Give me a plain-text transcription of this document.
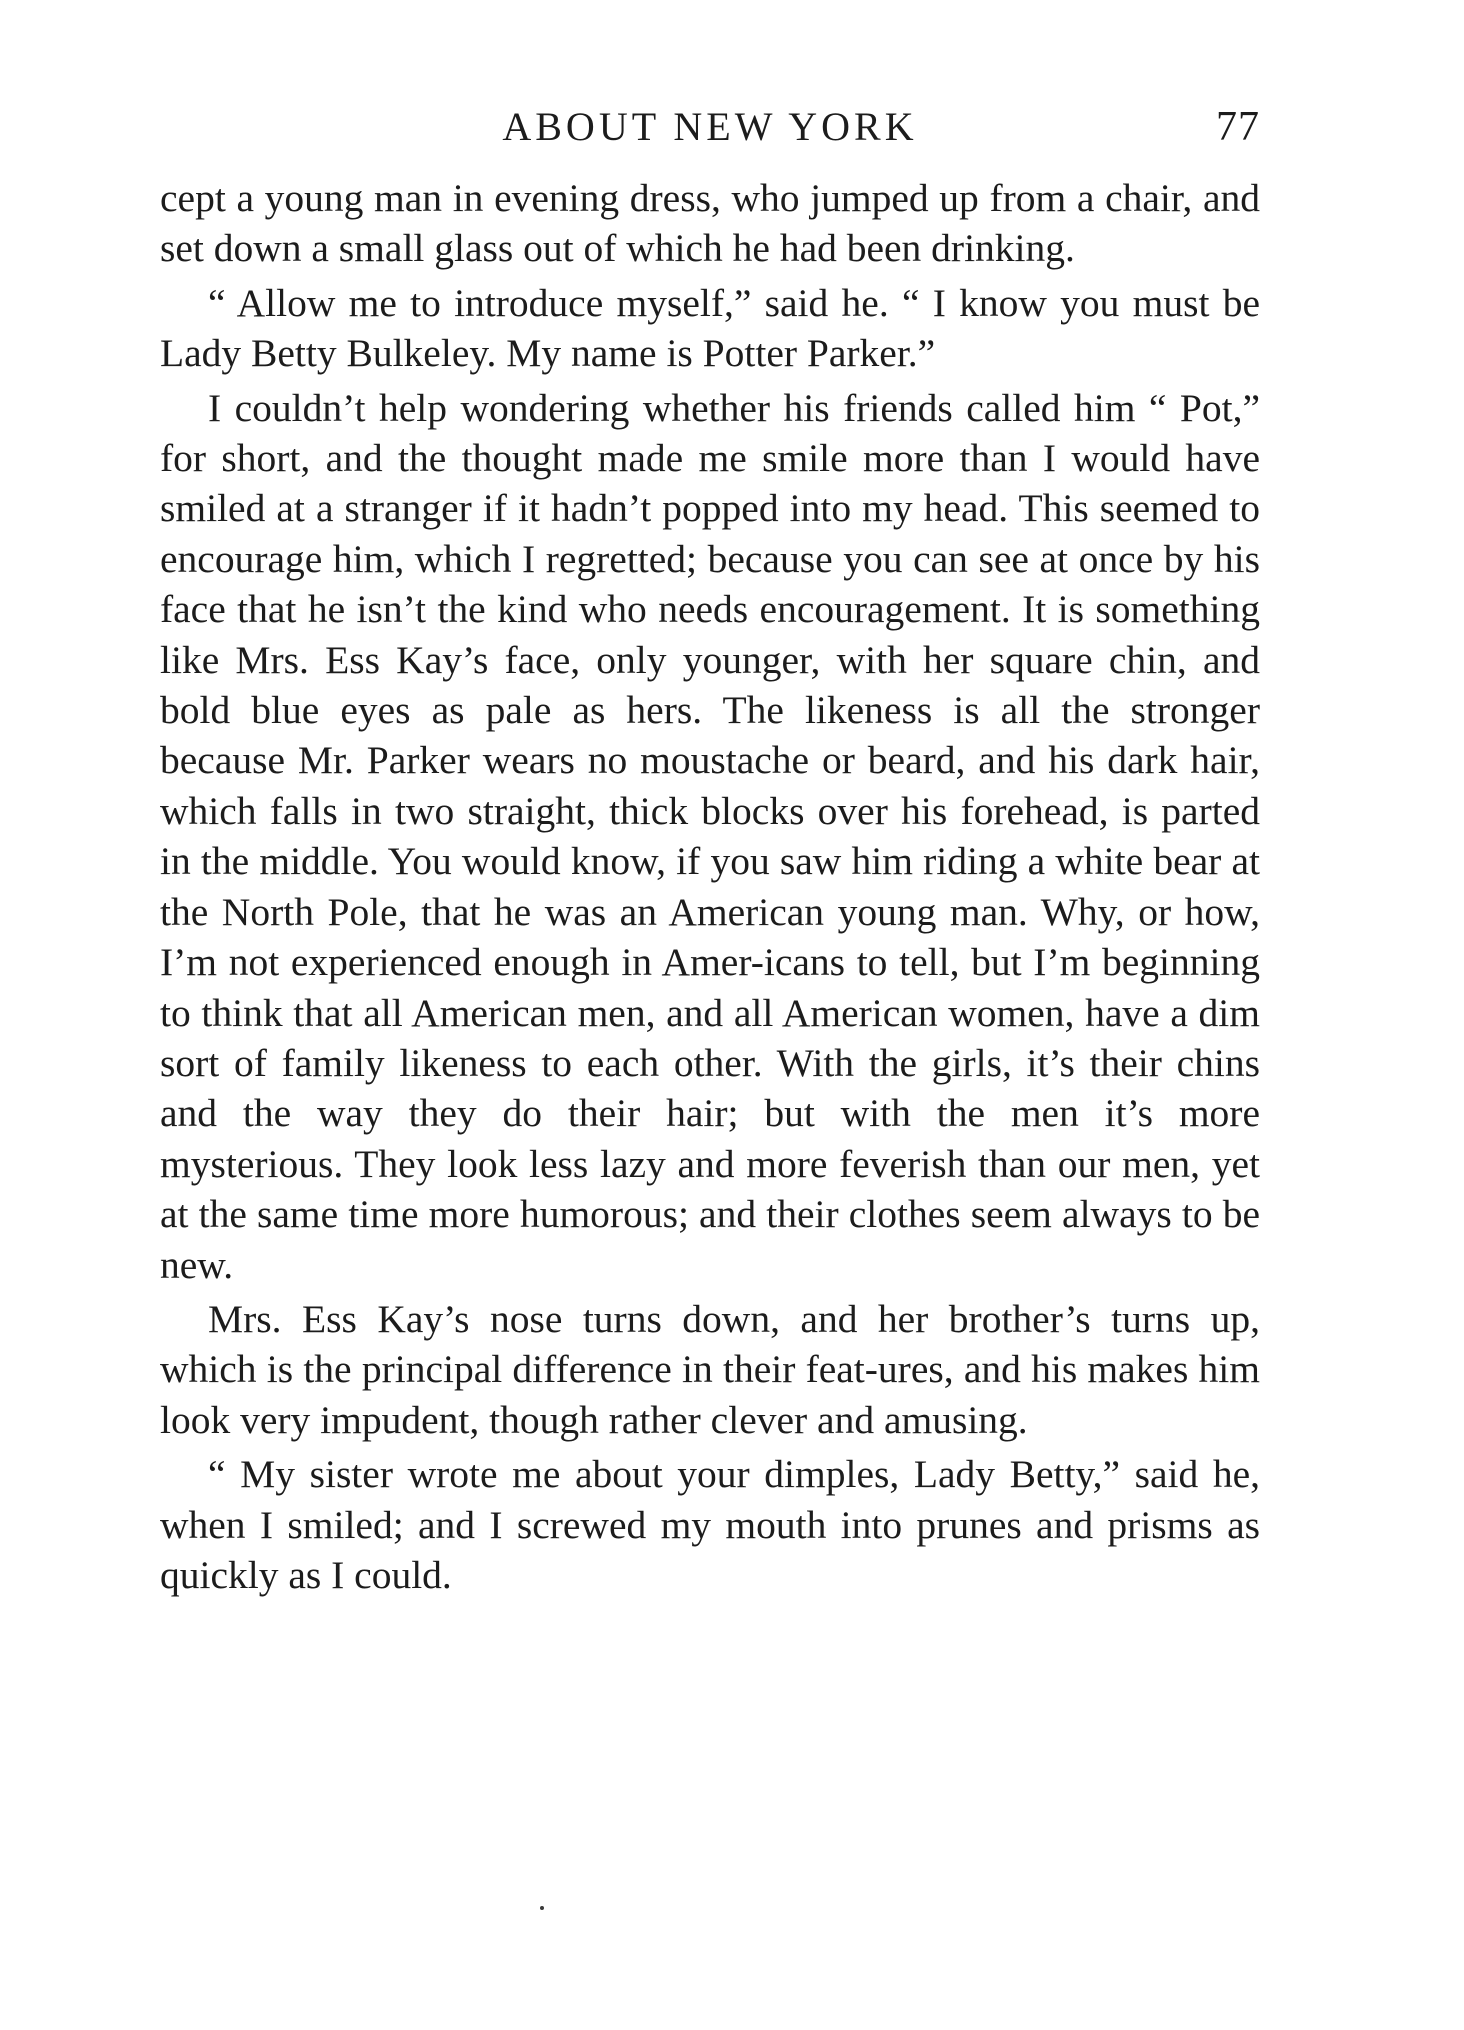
ABOUT NEW YORK	77

cept a young man in evening dress, who jumped up from a chair, and set down a small glass out of which he had been drinking.

“ Allow me to introduce myself,” said he. “ I know you must be Lady Betty Bulkeley. My name is Potter Parker.”

I couldn’t help wondering whether his friends called him “ Pot,” for short, and the thought made me smile more than I would have smiled at a stranger if it hadn’t popped into my head. This seemed to encourage him, which I regretted; because you can see at once by his face that he isn’t the kind who needs encouragement. It is something like Mrs. Ess Kay’s face, only younger, with her square chin, and bold blue eyes as pale as hers. The likeness is all the stronger because Mr. Parker wears no moustache or beard, and his dark hair, which falls in two straight, thick blocks over his forehead, is parted in the middle. You would know, if you saw him riding a white bear at the North Pole, that he was an American young man. Why, or how, I’m not experienced enough in Amer-icans to tell, but I’m beginning to think that all American men, and all American women, have a dim sort of family likeness to each other. With the girls, it’s their chins and the way they do their hair; but with the men it’s more mysterious. They look less lazy and more feverish than our men, yet at the same time more humorous; and their clothes seem always to be new.

Mrs. Ess Kay’s nose turns down, and her brother’s turns up, which is the principal difference in their feat-ures, and his makes him look very impudent, though rather clever and amusing.

“ My sister wrote me about your dimples, Lady Betty,” said he, when I smiled; and I screwed my mouth into prunes and prisms as quickly as I could.
